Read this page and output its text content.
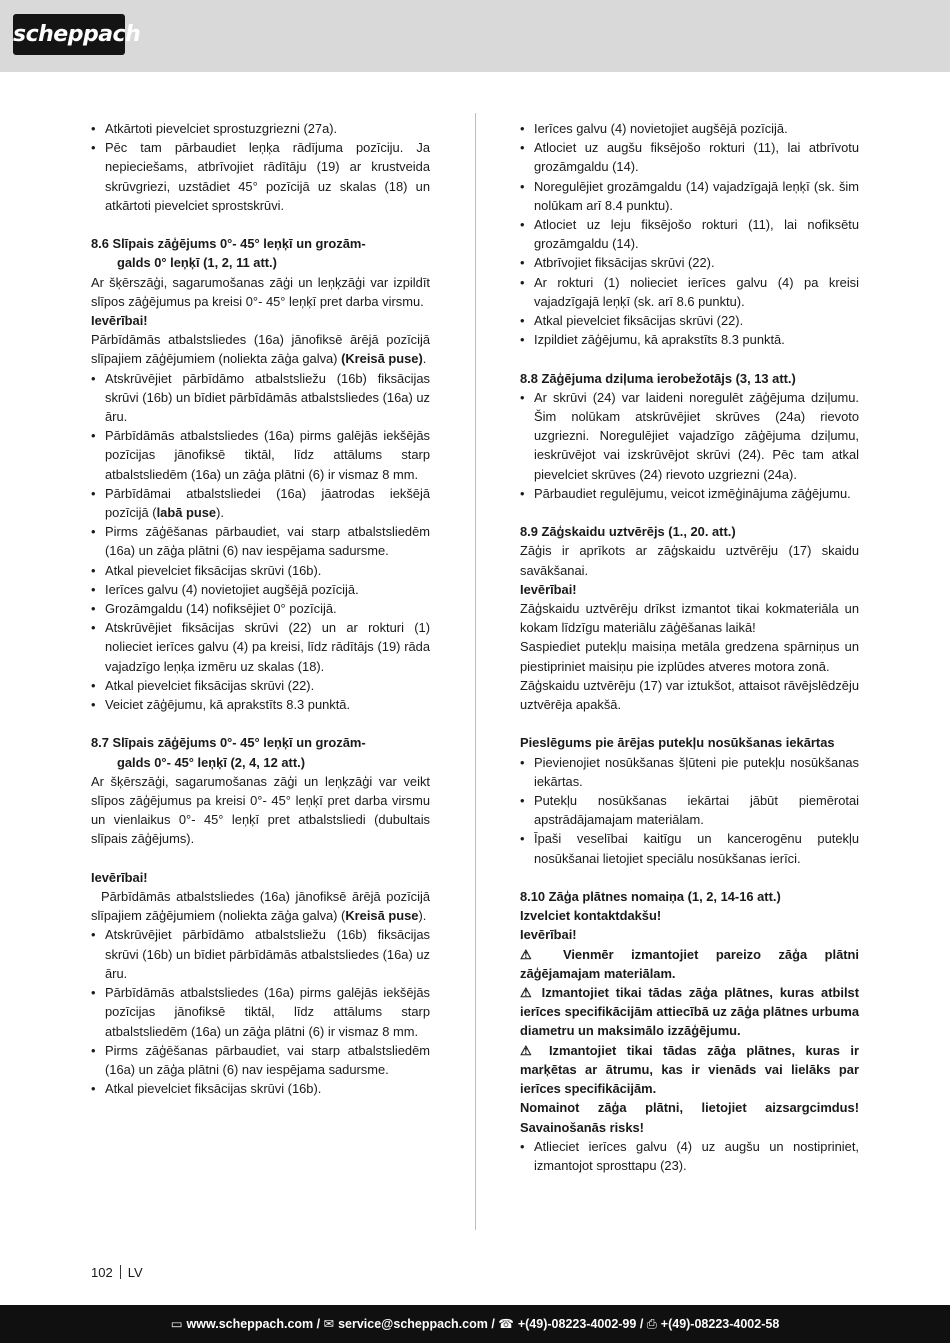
scheppach
• Atkārtoti pievelciet sprostuzgriezni (27a).
• Pēc tam pārbaudiet leņķa rādījuma pozīciju. Ja nepieciešams, atbrīvojiet rādītāju (19) ar krustveida skrūvgriezi, uzstādiet 45° pozīcijā uz skalas (18) un atkārtoti pievelciet sprostskrūvi.
8.6 Slīpais zāģējums 0°- 45° leņķī un grozām-
galds 0° leņķī (1, 2, 11 att.)
Ar šķērszāģi, sagarumošanas zāģi un leņķzāģi var izpildīt slīpos zāģējumus pa kreisi 0°- 45° leņķī pret darba virsmu.
Ievērībai!
Pārbīdāmās atbalstsliedes (16a) jānofiksē ārējā pozīcijā slīpajiem zāģējumiem (noliekta zāģa galva) (Kreisā puse).
• Atskrūvējiet pārbīdāmo atbalstsliežu (16b) fiksācijas skrūvi (16b) un bīdiet pārbīdāmās atbalstsliedes (16a) uz āru.
• Pārbīdāmās atbalstsliedes (16a) pirms galējās iekšējās pozīcijas jānofiksē tiktāl, līdz attālums starp atbalstsliedēm (16a) un zāģa plātni (6) ir vismaz 8 mm.
• Pārbīdāmai atbalstsliedei (16a) jāatrodas iekšējā pozīcijā (labā puse).
• Pirms zāģēšanas pārbaudiet, vai starp atbalstsliedēm (16a) un zāģa plātni (6) nav iespējama sadursme.
• Atkal pievelciet fiksācijas skrūvi (16b).
• Ierīces galvu (4) novietojiet augšējā pozīcijā.
• Grozāmgaldu (14) nofiksējiet 0° pozīcijā.
• Atskrūvējiet fiksācijas skrūvi (22) un ar rokturi (1) nolieciet ierīces galvu (4) pa kreisi, līdz rādītājs (19) rāda vajadzīgo leņķa izmēru uz skalas (18).
• Atkal pievelciet fiksācijas skrūvi (22).
• Veiciet zāģējumu, kā aprakstīts 8.3 punktā.
8.7 Slīpais zāģējums 0°- 45° leņķī un grozām-
galds 0°- 45° leņķī (2, 4, 12 att.)
Ar šķērszāģi, sagarumošanas zāģi un leņķzāģi var veikt slīpos zāģējumus pa kreisi 0°- 45° leņķī pret darba virsmu un vienlaikus 0°- 45° leņķī pret atbalstsliedi (dubultais slīpais zāģējums).
Ievērībai!
Pārbīdāmās atbalstsliedes (16a) jānofiksē ārējā pozīcijā slīpajiem zāģējumiem (noliekta zāģa galva) (Kreisā puse).
• Atskrūvējiet pārbīdāmo atbalstsliežu (16b) fiksācijas skrūvi (16b) un bīdiet pārbīdāmās atbalstsliedes (16a) uz āru.
• Pārbīdāmās atbalstsliedes (16a) pirms galējās iekšējās pozīcijas jānofiksē tiktāl, līdz attālums starp atbalstsliedēm (16a) un zāģa plātni (6) ir vismaz 8 mm.
• Pirms zāģēšanas pārbaudiet, vai starp atbalstsliedēm (16a) un zāģa plātni (6) nav iespējama sadursme.
• Atkal pievelciet fiksācijas skrūvi (16b).
• Ierīces galvu (4) novietojiet augšējā pozīcijā.
• Atlociet uz augšu fiksējošo rokturi (11), lai atbrīvotu grozāmgaldu (14).
• Noregulējiet grozāmgaldu (14) vajadzīgajā leņķī (sk. šim nolūkam arī 8.4 punktu).
• Atlociet uz leju fiksējošo rokturi (11), lai nofiksētu grozāmgaldu (14).
• Atbrīvojiet fiksācijas skrūvi (22).
• Ar rokturi (1) nolieciet ierīces galvu (4) pa kreisi vajadzīgajā leņķī (sk. arī 8.6 punktu).
• Atkal pievelciet fiksācijas skrūvi (22).
• Izpildiet zāģējumu, kā aprakstīts 8.3 punktā.
8.8 Zāģējuma dziļuma ierobežotājs (3, 13 att.)
• Ar skrūvi (24) var laideni noregulēt zāģējuma dziļumu. Šim nolūkam atskrūvējiet skrūves (24a) rievoto uzgriezni. Noregulējiet vajadzīgo zāģējuma dziļumu, ieskrūvējot vai izskrūvējot skrūvi (24). Pēc tam atkal pievelciet skrūves (24) rievoto uzgriezni (24a).
• Pārbaudiet regulējumu, veicot izmēģinājuma zāģējumu.
8.9 Zāģskaidu uztvērējs (1., 20. att.)
Zāģis ir aprīkots ar zāģskaidu uztvērēju (17) skaidu savākšanai.
Ievērībai!
Zāģskaidu uztvērēju drīkst izmantot tikai kokmateriāla un kokam līdzīgu materiālu zāģēšanas laikā!
Saspiediet putekļu maisiņa metāla gredzena spārniņus un piestipriniet maisiņu pie izplūdes atveres motora zonā.
Zāģskaidu uztvērēju (17) var iztukšot, attaisot rāvējslēdzēju uztvērēja apakšā.
Pieslēgums pie ārējas putekļu nosūkšanas iekārtas
• Pievienojiet nosūkšanas šļūteni pie putekļu nosūkšanas iekārtas.
• Putekļu nosūkšanas iekārtai jābūt piemērotai apstrādājamajam materiālam.
• Īpaši veselībai kaitīgu un kancerogēnu putekļu nosūkšanai lietojiet speciālu nosūkšanas ierīci.
8.10 Zāģa plātnes nomaiņa (1, 2, 14-16 att.)
Izvelciet kontaktdakšu!
Ievērībai!
⚠ Vienmēr izmantojiet pareizo zāģa plātni zāģējamajam materiālam.
⚠ Izmantojiet tikai tādas zāģa plātnes, kuras atbilst ierīces specifikācijām attiecībā uz zāģa plātnes urbuma diametru un maksimālo izzāģējumu.
⚠ Izmantojiet tikai tādas zāģa plātnes, kuras ir marķētas ar ātrumu, kas ir vienāds vai lielāks par ierīces specifikācijām.
Nomainot zāģa plātni, lietojiet aizsargcimdus! Savainošanās risks!
• Atlieciet ierīces galvu (4) uz augšu un nostipriniet, izmantojot sprosttapu (23).
102 LV
▭ www.scheppach.com / ✉ service@scheppach.com / ☎ +(49)-08223-4002-99 / ⎙ +(49)-08223-4002-58
